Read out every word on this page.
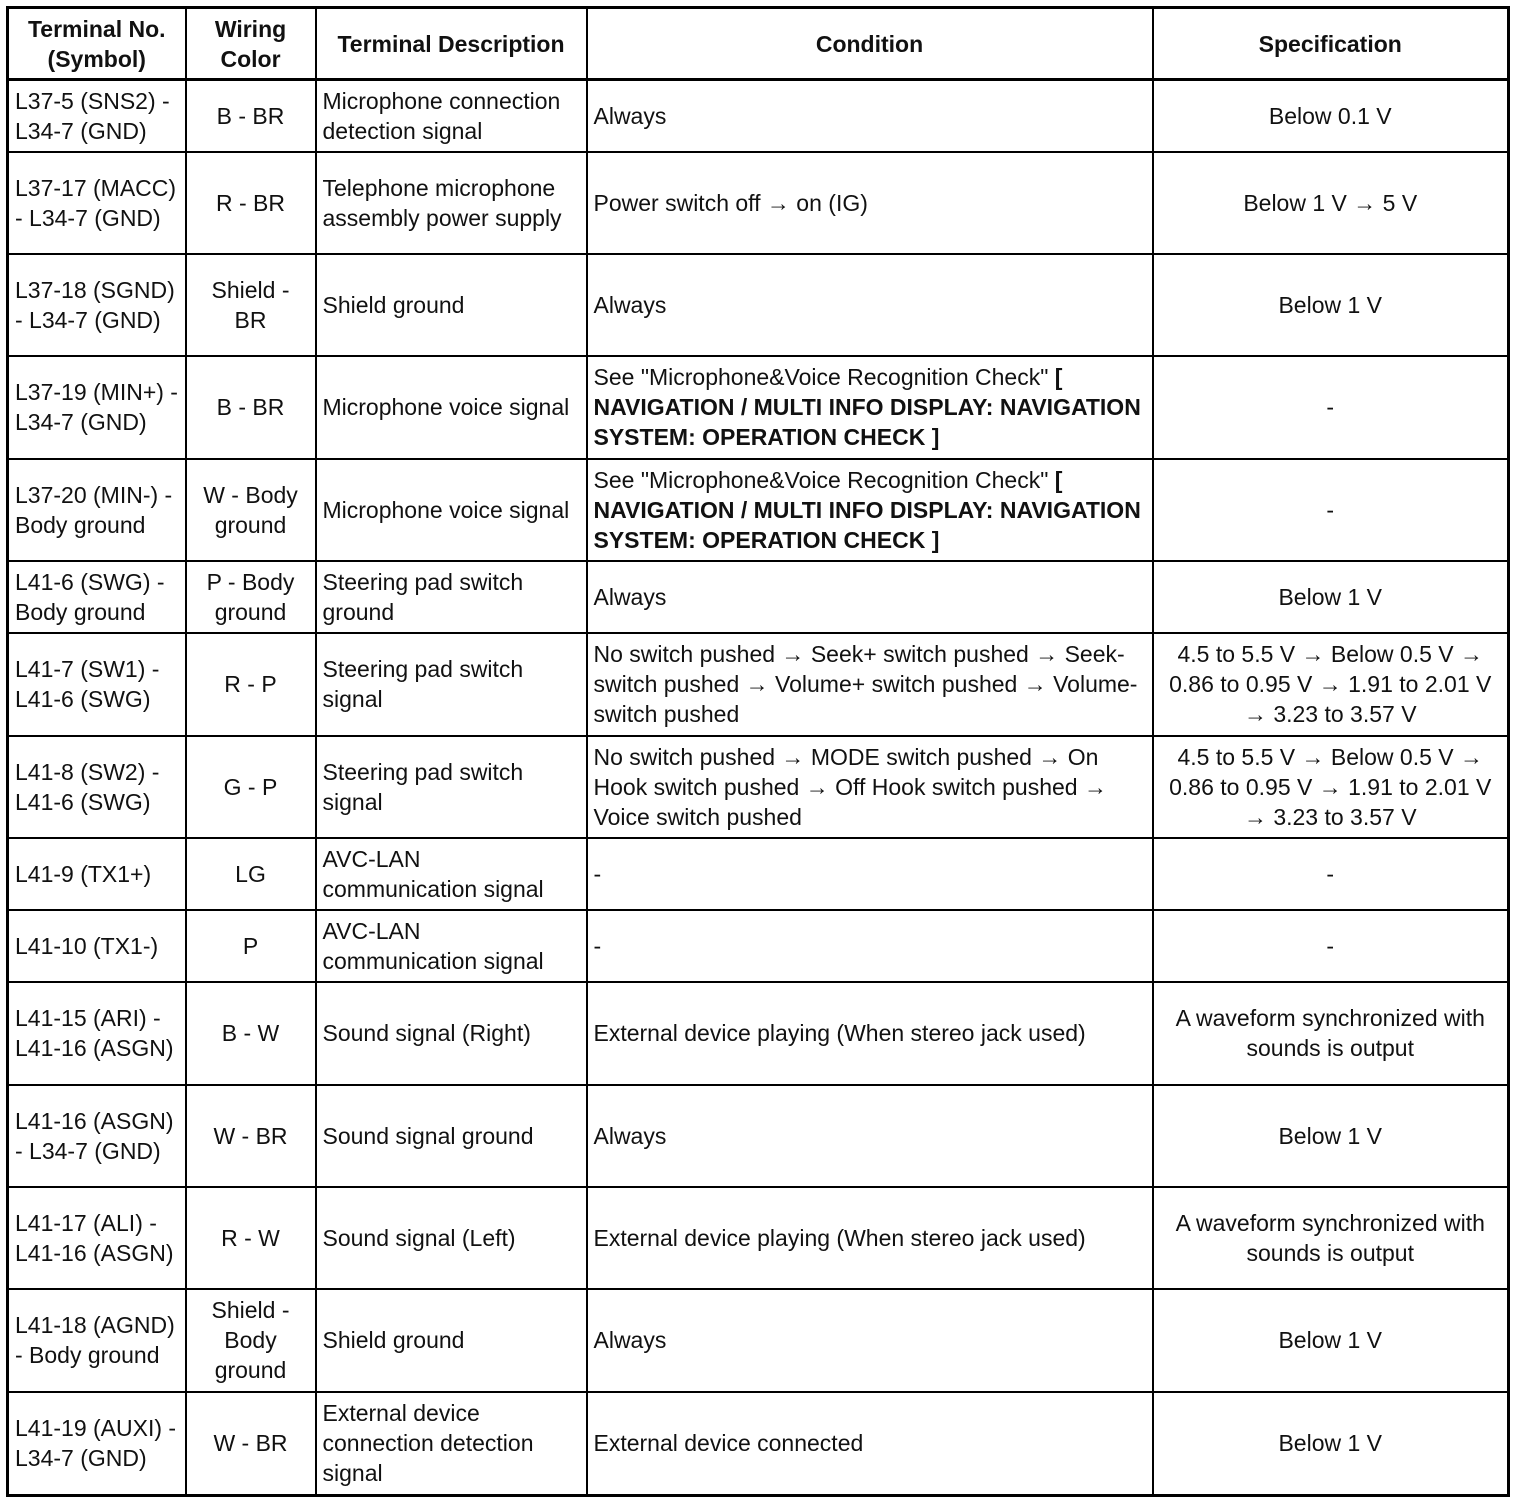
Terminal No. (Symbol)	Wiring Color	Terminal Description	Condition	Specification
L37-5 (SNS2) - L34-7 (GND)	B - BR	Microphone connection detection signal	Always	Below 0.1 V
L37-17 (MACC) - L34-7 (GND)	R - BR	Telephone microphone assembly power supply	Power switch off → on (IG)	Below 1 V → 5 V
L37-18 (SGND) - L34-7 (GND)	Shield - BR	Shield ground	Always	Below 1 V
L37-19 (MIN+) - L34-7 (GND)	B - BR	Microphone voice signal	See "Microphone&Voice Recognition Check" [ NAVIGATION / MULTI INFO DISPLAY: NAVIGATION SYSTEM: OPERATION CHECK ]	-
L37-20 (MIN-) - Body ground	W - Body ground	Microphone voice signal	See "Microphone&Voice Recognition Check" [ NAVIGATION / MULTI INFO DISPLAY: NAVIGATION SYSTEM: OPERATION CHECK ]	-
L41-6 (SWG) - Body ground	P - Body ground	Steering pad switch ground	Always	Below 1 V
L41-7 (SW1) - L41-6 (SWG)	R - P	Steering pad switch signal	No switch pushed → Seek+ switch pushed → Seek- switch pushed → Volume+ switch pushed → Volume- switch pushed	4.5 to 5.5 V → Below 0.5 V → 0.86 to 0.95 V → 1.91 to 2.01 V → 3.23 to 3.57 V
L41-8 (SW2) - L41-6 (SWG)	G - P	Steering pad switch signal	No switch pushed → MODE switch pushed → On Hook switch pushed → Off Hook switch pushed → Voice switch pushed	4.5 to 5.5 V → Below 0.5 V → 0.86 to 0.95 V → 1.91 to 2.01 V → 3.23 to 3.57 V
L41-9 (TX1+)	LG	AVC-LAN communication signal	-	-
L41-10 (TX1-)	P	AVC-LAN communication signal	-	-
L41-15 (ARI) - L41-16 (ASGN)	B - W	Sound signal (Right)	External device playing (When stereo jack used)	A waveform synchronized with sounds is output
L41-16 (ASGN) - L34-7 (GND)	W - BR	Sound signal ground	Always	Below 1 V
L41-17 (ALI) - L41-16 (ASGN)	R - W	Sound signal (Left)	External device playing (When stereo jack used)	A waveform synchronized with sounds is output
L41-18 (AGND) - Body ground	Shield - Body ground	Shield ground	Always	Below 1 V
L41-19 (AUXI) - L34-7 (GND)	W - BR	External device connection detection signal	External device connected	Below 1 V
